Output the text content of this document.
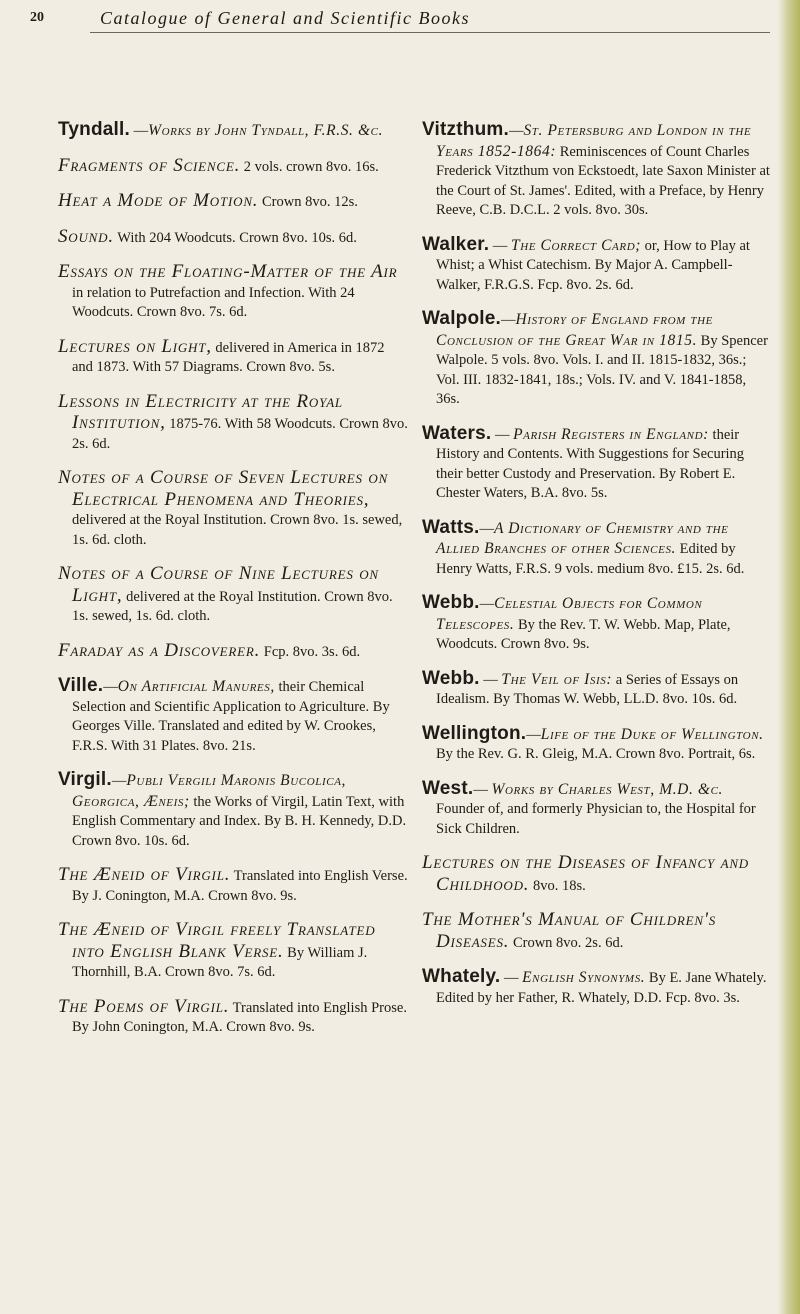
20	Catalogue of General and Scientific Books

Tyndall. —Works by John Tyndall, F.R.S. &c.

Fragments of Science. 2 vols. crown 8vo. 16s.

Heat a Mode of Motion. Crown 8vo. 12s.

Sound. With 204 Woodcuts. Crown 8vo. 10s. 6d.

Essays on the Floating-Matter of the Air in relation to Putrefaction and Infection. With 24 Woodcuts. Crown 8vo. 7s. 6d.

Lectures on Light, delivered in America in 1872 and 1873. With 57 Diagrams. Crown 8vo. 5s.

Lessons in Electricity at the Royal Institution, 1875-76. With 58 Woodcuts. Crown 8vo. 2s. 6d.

Notes of a Course of Seven Lectures on Electrical Phenomena and Theories, delivered at the Royal Institution. Crown 8vo. 1s. sewed, 1s. 6d. cloth.

Notes of a Course of Nine Lectures on Light, delivered at the Royal Institution. Crown 8vo. 1s. sewed, 1s. 6d. cloth.

Faraday as a Discoverer. Fcp. 8vo. 3s. 6d.

Ville.—On Artificial Manures, their Chemical Selection and Scientific Application to Agriculture. By Georges Ville. Translated and edited by W. Crookes, F.R.S. With 31 Plates. 8vo. 21s.

Virgil.—Publi Vergili Maronis Bucolica, Georgica, Æneis; the Works of Virgil, Latin Text, with English Commentary and Index. By B. H. Kennedy, D.D. Crown 8vo. 10s. 6d.

The Æneid of Virgil. Translated into English Verse. By J. Conington, M.A. Crown 8vo. 9s.

The Æneid of Virgil freely Translated into English Blank Verse. By William J. Thornhill, B.A. Crown 8vo. 7s. 6d.

The Poems of Virgil. Translated into English Prose. By John Conington, M.A. Crown 8vo. 9s.

Vitzthum.—St. Petersburg and London in the Years 1852-1864: Reminiscences of Count Charles Frederick Vitzthum von Eckstoedt, late Saxon Minister at the Court of St. James'. Edited, with a Preface, by Henry Reeve, C.B. D.C.L. 2 vols. 8vo. 30s.

Walker. — The Correct Card; or, How to Play at Whist; a Whist Catechism. By Major A. Campbell-Walker, F.R.G.S. Fcp. 8vo. 2s. 6d.

Walpole.—History of England from the Conclusion of the Great War in 1815. By Spencer Walpole. 5 vols. 8vo. Vols. I. and II. 1815-1832, 36s.; Vol. III. 1832-1841, 18s.; Vols. IV. and V. 1841-1858, 36s.

Waters. — Parish Registers in England: their History and Contents. With Suggestions for Securing their better Custody and Preservation. By Robert E. Chester Waters, B.A. 8vo. 5s.

Watts.—A Dictionary of Chemistry and the Allied Branches of other Sciences. Edited by Henry Watts, F.R.S. 9 vols. medium 8vo. £15. 2s. 6d.

Webb.—Celestial Objects for Common Telescopes. By the Rev. T. W. Webb. Map, Plate, Woodcuts. Crown 8vo. 9s.

Webb. — The Veil of Isis: a Series of Essays on Idealism. By Thomas W. Webb, LL.D. 8vo. 10s. 6d.

Wellington.—Life of the Duke of Wellington. By the Rev. G. R. Gleig, M.A. Crown 8vo. Portrait, 6s.

West.— Works by Charles West, M.D. &c. Founder of, and formerly Physician to, the Hospital for Sick Children.

Lectures on the Diseases of Infancy and Childhood. 8vo. 18s.

The Mother's Manual of Children's Diseases. Crown 8vo. 2s. 6d.

Whately. — English Synonyms. By E. Jane Whately. Edited by her Father, R. Whately, D.D. Fcp. 8vo. 3s.
